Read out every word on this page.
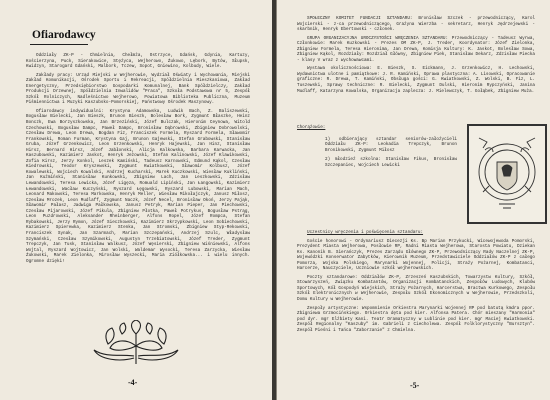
Ofiarodawcy

Oddziały ZK-P - Chmielnia, Chełmża, Ostrzyce, Gdańsk, Gdynia, Kartuzy, Kościerzyna, Puck, Sierakowice, Stężyca, Wejherowo, Żukowo, Lębork, Bytów, Słupsk, Kwidzyn, Starogard Gdański, Malbork, Tczew, Sopot, Gniewino, Kolbudy, Wiele.

Zakłady pracy: Urząd Miejski w Wejherowie, Wydział Oświaty i Wychowania, Miejski Zakład Komunikacji, Ośrodek Sportu i Rekreacji, Spółdzielnia Mieszkaniowa, Zakład Energetyczny, Przedsiębiorstwo Gospodarki Komunalnej, Bank Spółdzielczy, Zakład Produkcji Drzewnej, Spółdzielnia Inwalidów "Praca", Szkoła Podstawowa nr 5, Zespół Szkół Rolniczych, Nadleśnictwo Wejherowo, Powiatowa Biblioteka Publiczna, Muzeum Piśmiennictwa i Muzyki Kaszubsko-Pomorskiej, Państwowy Ośrodek Maszynowy.

Ofiarodawcy indywidualni: Krystyna Adamowska, Ludwik Bach, Z. Baliszewski, Bogusław Bielecki, Jan Bieszk, Brunon Bieszk, Bolesław Bork, Zygmunt Błaszke, Heinz Bonczk, Ewa Borzyszkowska, Jan Brzeziński, Józef Bulczak, Hieronim Ceynowa, Witold Czechowski, Bogusław Dampc, Paweł Dampc, Bronisław Dąbrowski, Zbigniew Dobrowolski, Czesław Drewa, Leon Drewa, Bogdan Fiz, Franciszek Formela, Ryszard Formela, Sławomir Frankowski, Roman Furman, Krystyna Gaj, Brunon Gajewski, Stefan Grabowski, Stanisław Gruba, Józef Grzenkowicz, Leon Grzenkowski, Henryk Hajewski, Jan Hinz, Stanisław Hirsz, Bernard Hirsz, Józef Jabłonski, Alicja Kalkowska, Barbara Karwacka, Jan Kaszubowski, Kazimierz Jaskot, Henryk Jeżowski, Stefan Kalinowski, Józef Klawikowski, Zofia Kirsz, Jerzy Konkol, Leszek Kamiński, Tadeusz Karnowski, Edmund Kąkol, Czesław Kiedrowski, Teodor Kryszewski, Zygmunt Kwiatkowski, Sławomir Kolbusz, Józef Kowalewski, Wojciech Kowalski, Andrzej Kucharski, Marek Kuczkowski, Wiesław Kukliński, Jan Kuźmiński, Stanisław Kunkowski, Zbigniew Lach, Jan Leszkowski, Zdzisław Lewandowski, Teresa Lewicka, Józef Ligęza, Romuald Lipiński, Jan Łangowski, Kazimierz Łewandowski, Wacław Kuczyński, Ryszard Łęgowski, Ryszard Lubowski, Marian Mach, Leonard Makowski, Teresa Markowska, Henryk Meller, Wiesław Mikołajczyk, Janusz Miłosz, Czesław Mrozek, Leon Mudlaff, Zygmunt Naczk, Józef Necel, Bronisław Okoń, Jerzy Pająk, Sławomir Pałasz, Jadwiga Pałkowska, Janusz Petryk, Marian Pieper, Jan Piechowski, Czesław Pijarowski, Józef Pikula, Zbigniew Płotka, Paweł Potrykus, Bogusław Pstrąg, Leon Puzdrowski, Aleksander Rheinberger, Alfons Ropel, Józef Rompca, Stefan Rybakowski, Jerzy Rymon, Józef Sieczkowski, Kazimierz Skrzypkowski, Leon Sobiechowski, Kazimierz Spierewka, Kazimierz Stenka, Jan Stromski, Zbigniew Styp-Rekowski, Franciszek Synak, Jan Szarmach, Marian Szczepański, Andrzej Szulc, Władysław Szymański, Czesław Szymikowski, Augustyn Trzebiatowski, Józef Treder, Zygmunt Trepczyk, Jan Tusk, Stanisław Walkusz, Józef Węsierski, Zbigniew Wiśniewski, Alfons Wojtal, Ryszard Wojtowicz, Jan Wolski, Waldemar Wysocki, Teresa Zarzycka, Wiesław Żukowski, Marek Zielonka, Mirosław Wyszecki, Maria Ziółkowska... i wielu innych. Ogromne dzięki!

-4-

SPOŁECZNY KOMITET FUNDACJI SZTANDARU: Bronisław Szczek - przewodniczący, Karol Wojcierski - z-ca przewodniczącego, Grażyna Wierzba - sekretarz, Henryk Jędrzejewski - skarbnik, Henryk Ebertowski - członek.

GRUPA ORGANIZACYJNA UROCZYSTOŚCI WRĘCZENIA SZTANDARU: Przewodniczący - Tadeusz Wyrwa, Członkowie: Marek Kuzkowski - Prezes OM ZK-P, J. Treder, Koordynator: Józef Zielonka, Zbigniew Formela, Teresa Hieronima, Jan Drewa, Komisja Kultury: K. Jaskot, Bolesław Sowa, Zbigniew Kąkol, Rozdziały: Rozdział Główny, Zbigniew Piek, Stanisław Dekarz, Zdzisław Piecka - klasy V wraz z wychowawcami.

Wystawa okolicznościowa: E. Bieszk, S. Eickmann, J. Grzenkowicz, H. Lechowski, Wydawnictwa ulotne i pamiątkowe: J. R. Kamiński, Oprawa plastyczna: A. Lisowski, Opracowanie graficzne: R. Drewa, T. Kamiński, Obsługa gości: G. Kwiatkowski, Z. Wolski, B. Fiz, L. Tuszewski, Sprawy techniczne: R. Bielecki, Zygmunt Dulski, Hieronim Rypczyński, Janina Mudlaff, Katarzyna Kowalska, Organizacja zaplecza: J. Mielewczyk, T. Gołąbek, Zbigniew Muża.

Chorążowie:
1) odbierający sztandar seniorów-założycieli Oddziału ZK-P: Leokadia Trepczyk, Brunon Bronikowski, Zygmunt Miłosz
2) młodzież szkolna: Stanisław Fikus, Bronisław Szczepaniec, Wojciech Lewicki

Uczestnicy wręczenia i poświęcenia sztandaru:

Goście honorowi - Ordynariusz Diecezji Ks. Bp Marian Przykucki, Wicewojewoda Pomorski, Prezydent Miasta Wejherowa, Posłowie RP, Radni Miasta Wejherowa, Starosta Powiatu, Dziekan Ks. Kanonik B. Sierańczyk, Prezes Zarządu Głównego ZK-P, Przewodniczący Rady Naczelnej ZK-P, Wojewódzki Konserwator Zabytków, Kierownik Muzeum, Przedstawiciele Oddziałów ZK-P z całego Pomorza, Wojska Polskiego, Marynarki Wojennej, Policji, Straży Pożarnej, Kombatanci, Harcerze, Nauczyciele, Uczniowie szkół wejherowskich.

Poczty sztandarowe: Oddziałów ZK-P, Zrzeszeń Kaszubskich, Towarzystw Kultury, Szkół, Stowarzyszeń, Związku Kombatantów, Organizacji Kombatanckich, Zespołów Ludowych, Klubów Sportowych, Kół Gospodyń Wiejskich, Straży Pożarnych, Harcerstwa, Bractwa Kurkowego, Zespołu Szkół Elektronicznych w Wejherowie, Zespołu Szkół Ekonomicznych w Wejherowie, Przedszkoli, Domu Kultury w Wejherowie.

Zespoły artystyczne: Wspomnienie Orkiestra Marynarki Wojennej RP pod batutą kmdra ppor. Zbigniewa Grzmocińskiego. Orkiestra dęta pod kier. Alfonsa Patera. Chór mieszany "Harmonia" pod dyr. mgr Elżbiety Kani. Teatr Dramatyczny w Lublinie pod kier. mgr Maciej Kwiatkowski. Zespół Regionalny "Kaszuby" im. Gabrieli z Ciecholewa. Zespół Folklorystyczny "Bursztyn". Zespół Pieśni i Tańca "Zaborzanie" z Chmielna.

-5-
